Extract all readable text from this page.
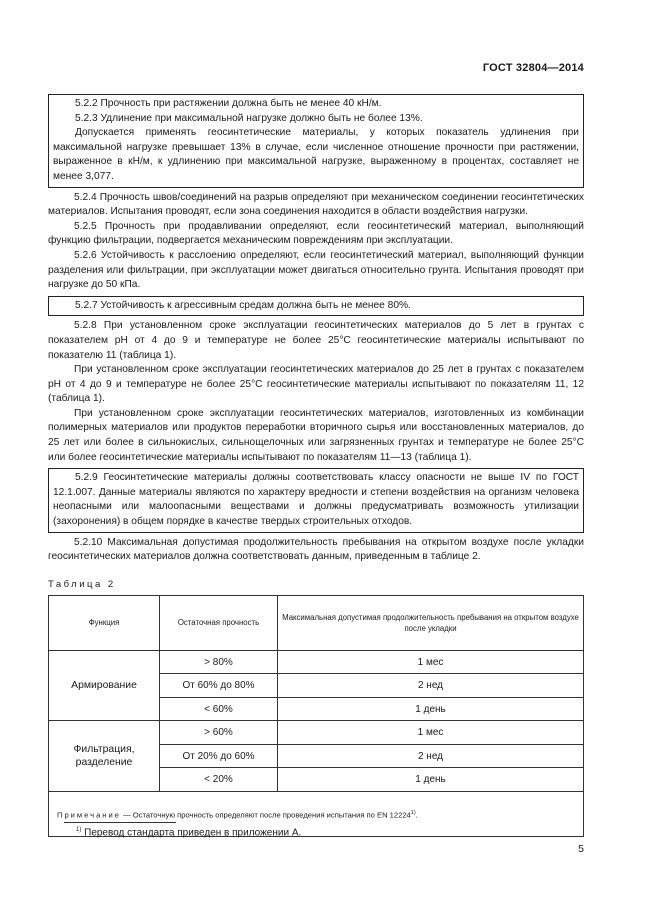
ГОСТ 32804—2014

5.2.2 Прочность при растяжении должна быть не менее 40 кН/м.

5.2.3 Удлинение при максимальной нагрузке должно быть не более 13%.

Допускается применять геосинтетические материалы, у которых показатель удлинения при максимальной нагрузке превышает 13% в случае, если численное отношение прочности при растяжении, выраженное в кН/м, к удлинению при максимальной нагрузке, выраженному в процентах, составляет не менее 3,077.

5.2.4 Прочность швов/соединений на разрыв определяют при механическом соединении геосинтетических материалов. Испытания проводят, если зона соединения находится в области воздействия нагрузки.

5.2.5 Прочность при продавливании определяют, если геосинтетический материал, выполняющий функцию фильтрации, подвергается механическим повреждениям при эксплуатации.

5.2.6 Устойчивость к расслоению определяют, если геосинтетический материал, выполняющий функции разделения или фильтрации, при эксплуатации может двигаться относительно грунта. Испытания проводят при нагрузке до 50 кПа.

5.2.7 Устойчивость к агрессивным средам должна быть не менее 80%.

5.2.8 При установленном сроке эксплуатации геосинтетических материалов до 5 лет в грунтах с показателем pH от 4 до 9 и температуре не более 25°C геосинтетические материалы испытывают по показателю 11 (таблица 1).

При установленном сроке эксплуатации геосинтетических материалов до 25 лет в грунтах с показателем pH от 4 до 9 и температуре не более 25°C геосинтетические материалы испытывают по показателям 11, 12 (таблица 1).

При установленном сроке эксплуатации геосинтетических материалов, изготовленных из комбинации полимерных материалов или продуктов переработки вторичного сырья или восстановленных материалов, до 25 лет или более в сильнокислых, сильнощелочных или загрязненных грунтах и температуре не более 25°C или более геосинтетические материалы испытывают по показателям 11—13 (таблица 1).

5.2.9 Геосинтетические материалы должны соответствовать классу опасности не выше IV по ГОСТ 12.1.007. Данные материалы являются по характеру вредности и степени воздействия на организм человека неопасными или малоопасными веществами и должны предусматривать возможность утилизации (захоронения) в общем порядке в качестве твердых строительных отходов.

5.2.10 Максимальная допустимая продолжительность пребывания на открытом воздухе после укладки геосинтетических материалов должна соответствовать данным, приведенным в таблице 2.

Таблица 2
Функция	Остаточная прочность	Максимальная допустимая продолжительность пребывания на открытом воздухе после укладки
Армирование	> 80%	1 мес
	От 60% до 80%	2 нед
	< 60%	1 день
Фильтрация, разделение	> 60%	1 мес
	От 20% до 60%	2 нед
	< 20%	1 день
Примечание — Остаточную прочность определяют после проведения испытания по EN 12224$^{1)}$.		
$^{1)}$ Перевод стандарта приведен в приложении А.
5
